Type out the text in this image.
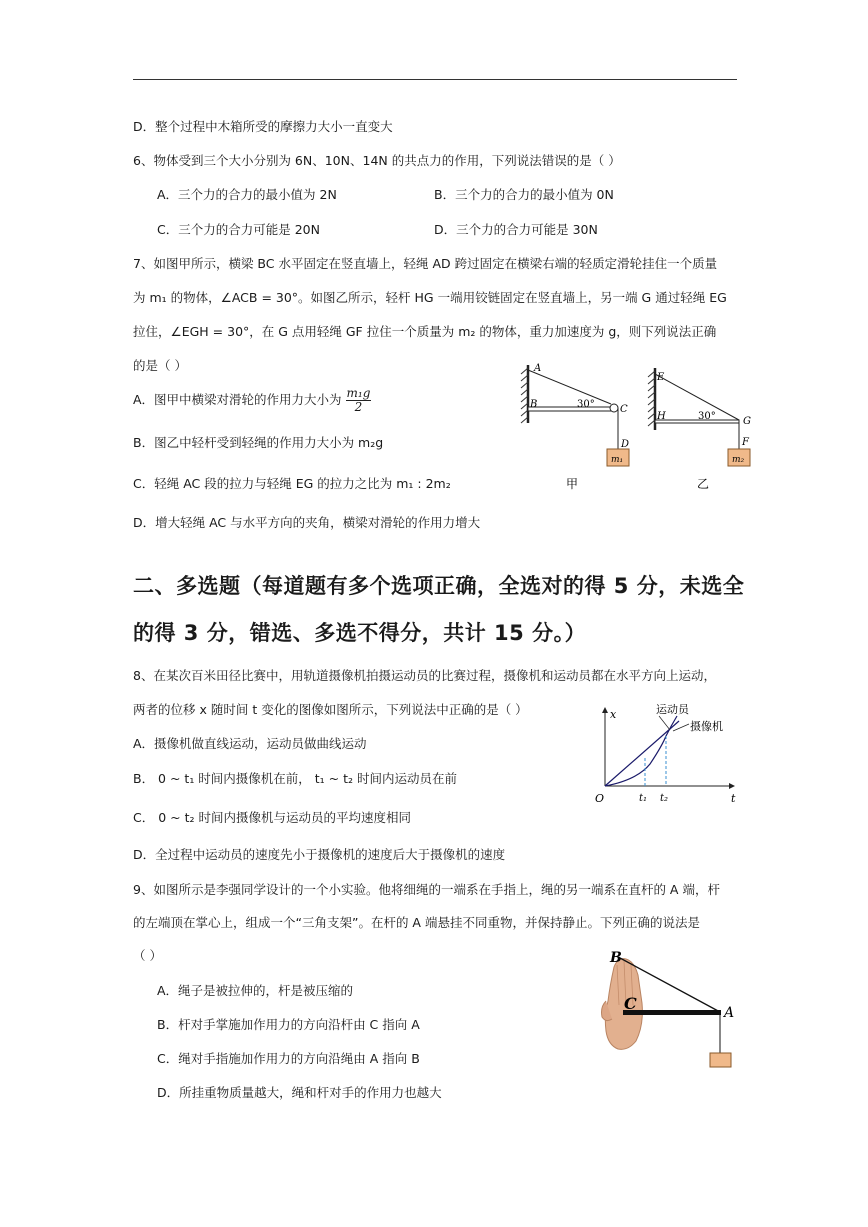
D．整个过程中木箱所受的摩擦力大小一直变大
6、物体受到三个大小分别为 6N、10N、14N 的共点力的作用，下列说法错误的是（ ）
A．三个力的合力的最小值为 2N	B．三个力的合力的最小值为 0N
C．三个力的合力可能是 20N	D．三个力的合力可能是 30N
7、如图甲所示，横梁 BC 水平固定在竖直墙上，轻绳 AD 跨过固定在横梁右端的轻质定滑轮挂住一个质量
为 m₁ 的物体，∠ACB = 30°。如图乙所示，轻杆 HG 一端用铰链固定在竖直墙上，另一端 G 通过轻绳 EG
拉住，∠EGH = 30°，在 G 点用轻绳 GF 拉住一个质量为 m₂ 的物体，重力加速度为 g，则下列说法正确
的是（ ）
A．图甲中横梁对滑轮的作用力大小为 $\frac{\text{m₁g}}{2}$
B．图乙中轻杆受到轻绳的作用力大小为 m₂g
C．轻绳 AC 段的拉力与轻绳 EG 的拉力之比为 m₁ : 2m₂
D．增大轻绳 AC 与水平方向的夹角，横梁对滑轮的作用力增大
A
B	C
D
30°
m₁
甲
E
H	G
F
30°
m₂
乙
二、多选题（每道题有多个选项正确，全选对的得 5 分，未选全
的得 3 分，错选、多选不得分，共计 15 分。）
8、在某次百米田径比赛中，用轨道摄像机拍摄运动员的比赛过程，摄像机和运动员都在水平方向上运动，
两者的位移 x 随时间 t 变化的图像如图所示，下列说法中正确的是（ ）
A．摄像机做直线运动，运动员做曲线运动
B． 0 ~ t₁ 时间内摄像机在前， t₁ ~ t₂ 时间内运动员在前
C． 0 ~ t₂ 时间内摄像机与运动员的平均速度相同
D．全过程中运动员的速度先小于摄像机的速度后大于摄像机的速度
x
t
O	t₁ t₂
运动员
摄像机
9、如图所示是李强同学设计的一个小实验。他将细绳的一端系在手指上，绳的另一端系在直杆的 A 端，杆
的左端顶在掌心上，组成一个“三角支架”。在杆的 A 端悬挂不同重物，并保持静止。下列正确的说法是
（ ）
A．绳子是被拉伸的，杆是被压缩的
B．杆对手掌施加作用力的方向沿杆由 C 指向 A
C．绳对手指施加作用力的方向沿绳由 A 指向 B
D．所挂重物质量越大，绳和杆对手的作用力也越大
B
C	A
